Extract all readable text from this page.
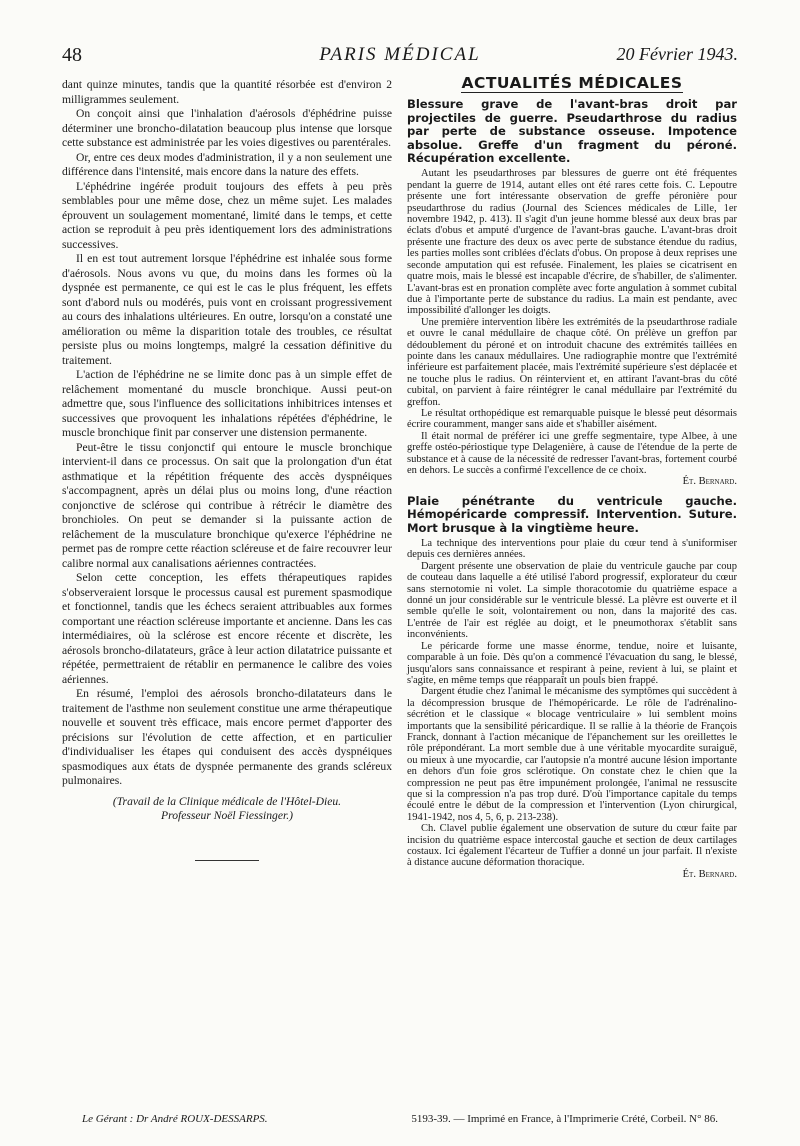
48	PARIS MÉDICAL	20 Février 1943.

dant quinze minutes, tandis que la quantité résorbée est d'environ 2 milligrammes seulement.

On conçoit ainsi que l'inhalation d'aérosols d'éphédrine puisse déterminer une broncho-dilatation beaucoup plus intense que lorsque cette substance est administrée par les voies digestives ou parentérales.

Or, entre ces deux modes d'administration, il y a non seulement une différence dans l'intensité, mais encore dans la nature des effets.

L'éphédrine ingérée produit toujours des effets à peu près semblables pour une même dose, chez un même sujet. Les malades éprouvent un soulagement momentané, limité dans le temps, et cette action se reproduit à peu près identiquement lors des administrations successives.

Il en est tout autrement lorsque l'éphédrine est inhalée sous forme d'aérosols. Nous avons vu que, du moins dans les formes où la dyspnée est permanente, ce qui est le cas le plus fréquent, les effets sont d'abord nuls ou modérés, puis vont en croissant progressivement au cours des inhalations ultérieures. En outre, lorsqu'on a constaté une amélioration ou même la disparition totale des troubles, ce résultat persiste plus ou moins longtemps, malgré la cessation définitive du traitement.

L'action de l'éphédrine ne se limite donc pas à un simple effet de relâchement momentané du muscle bronchique. Aussi peut-on admettre que, sous l'influence des sollicitations inhibitrices intenses et successives que provoquent les inhalations répétées d'éphédrine, le muscle bronchique finit par conserver une distension permanente.

Peut-être le tissu conjonctif qui entoure le muscle bronchique intervient-il dans ce processus. On sait que la prolongation d'un état asthmatique et la répétition fréquente des accès dyspnéiques s'accompagnent, après un délai plus ou moins long, d'une réaction conjonctive de sclérose qui contribue à rétrécir le diamètre des bronchioles. On peut se demander si la puissante action de relâchement de la musculature bronchique qu'exerce l'éphédrine ne permet pas de rompre cette réaction scléreuse et de faire recouvrer leur calibre normal aux canalisations aériennes contractées.

Selon cette conception, les effets thérapeutiques rapides s'observeraient lorsque le processus causal est purement spasmodique et fonctionnel, tandis que les échecs seraient attribuables aux formes comportant une réaction scléreuse importante et ancienne. Dans les cas intermédiaires, où la sclérose est encore récente et discrète, les aérosols broncho-dilatateurs, grâce à leur action dilatatrice puissante et répétée, permettraient de rétablir en permanence le calibre des voies aériennes.

En résumé, l'emploi des aérosols broncho-dilatateurs dans le traitement de l'asthme non seulement constitue une arme thérapeutique nouvelle et souvent très efficace, mais encore permet d'apporter des précisions sur l'évolution de cette affection, et en particulier d'individualiser les étapes qui conduisent des accès dyspnéiques spasmodiques aux états de dyspnée permanente des grands scléreux pulmonaires.

(Travail de la Clinique médicale de l'Hôtel-Dieu.

Professeur Noël Fiessinger.)

ACTUALITÉS MÉDICALES
Blessure grave de l'avant-bras droit par projectiles de guerre. Pseudarthrose du radius par perte de substance osseuse. Impotence absolue. Greffe d'un fragment du péroné. Récupération excellente.

Autant les pseudarthroses par blessures de guerre ont été fréquentes pendant la guerre de 1914, autant elles ont été rares cette fois. C. Lepoutre présente une fort intéressante observation de greffe péronière pour pseudarthrose du radius (Journal des Sciences médicales de Lille, 1er novembre 1942, p. 413). Il s'agit d'un jeune homme blessé aux deux bras par éclats d'obus et amputé d'urgence de l'avant-bras gauche. L'avant-bras droit présente une fracture des deux os avec perte de substance étendue du radius, les parties molles sont criblées d'éclats d'obus. On propose à deux reprises une seconde amputation qui est refusée. Finalement, les plaies se cicatrisent en quatre mois, mais le blessé est incapable d'écrire, de s'habiller, de s'alimenter. L'avant-bras est en pronation complète avec forte angulation à sommet cubital due à l'importante perte de substance du radius. La main est pendante, avec impossibilité d'allonger les doigts.

Une première intervention libère les extrémités de la pseudarthrose radiale et ouvre le canal médullaire de chaque côté. On prélève un greffon par dédoublement du péroné et on introduit chacune des extrémités taillées en pointe dans les canaux médullaires. Une radiographie montre que l'extrémité inférieure est parfaitement placée, mais l'extrémité supérieure s'est déplacée et ne touche plus le radius. On réintervient et, en attirant l'avant-bras du côté cubital, on parvient à faire réintégrer le canal médullaire par l'extrémité du greffon.

Le résultat orthopédique est remarquable puisque le blessé peut désormais écrire couramment, manger sans aide et s'habiller aisément.

Il était normal de préférer ici une greffe segmentaire, type Albee, à une greffe ostéo-périostique type Delagenière, à cause de l'étendue de la perte de substance et à cause de la nécessité de redresser l'avant-bras, fortement courbé en dehors. Le succès a confirmé l'excellence de ce choix.

Ét. Bernard.

Plaie pénétrante du ventricule gauche. Hémopéricarde compressif. Intervention. Suture. Mort brusque à la vingtième heure.

La technique des interventions pour plaie du cœur tend à s'uniformiser depuis ces dernières années.

Dargent présente une observation de plaie du ventricule gauche par coup de couteau dans laquelle a été utilisé l'abord progressif, explorateur du cœur sans sternotomie ni volet. La simple thoracotomie du quatrième espace a donné un jour considérable sur le ventricule blessé. La plèvre est ouverte et il semble qu'elle le soit, volontairement ou non, dans la majorité des cas. L'entrée de l'air est réglée au doigt, et le pneumothorax s'établit sans inconvénients.

Le péricarde forme une masse énorme, tendue, noire et luisante, comparable à un foie. Dès qu'on a commencé l'évacuation du sang, le blessé, jusqu'alors sans connaissance et respirant à peine, revient à lui, se plaint et s'agite, en même temps que réapparaît un pouls bien frappé.

Dargent étudie chez l'animal le mécanisme des symptômes qui succèdent à la décompression brusque de l'hémopéricarde. Le rôle de l'adrénalino-sécrétion et le classique « blocage ventriculaire » lui semblent moins importants que la sensibilité péricardique. Il se rallie à la théorie de François Franck, donnant à l'action mécanique de l'épanchement sur les oreillettes le rôle prépondérant. La mort semble due à une véritable myocardite suraiguë, ou mieux à une myocardie, car l'autopsie n'a montré aucune lésion importante en dehors d'un foie gros sclérotique. On constate chez le chien que la compression ne peut pas être impunément prolongée, l'animal ne ressuscite que si la compression n'a pas trop duré. D'où l'importance capitale du temps écoulé entre le début de la compression et l'intervention (Lyon chirurgical, 1941-1942, nos 4, 5, 6, p. 213-238).

Ch. Clavel publie également une observation de suture du cœur faite par incision du quatrième espace intercostal gauche et section de deux cartilages costaux. Ici également l'écarteur de Tuffier a donné un jour parfait. Il n'existe à distance aucune déformation thoracique.

Ét. Bernard.

Le Gérant : Dr André ROUX-DESSARPS.	5193-39. — Imprimé en France, à l'Imprimerie Crété, Corbeil. N° 86.
